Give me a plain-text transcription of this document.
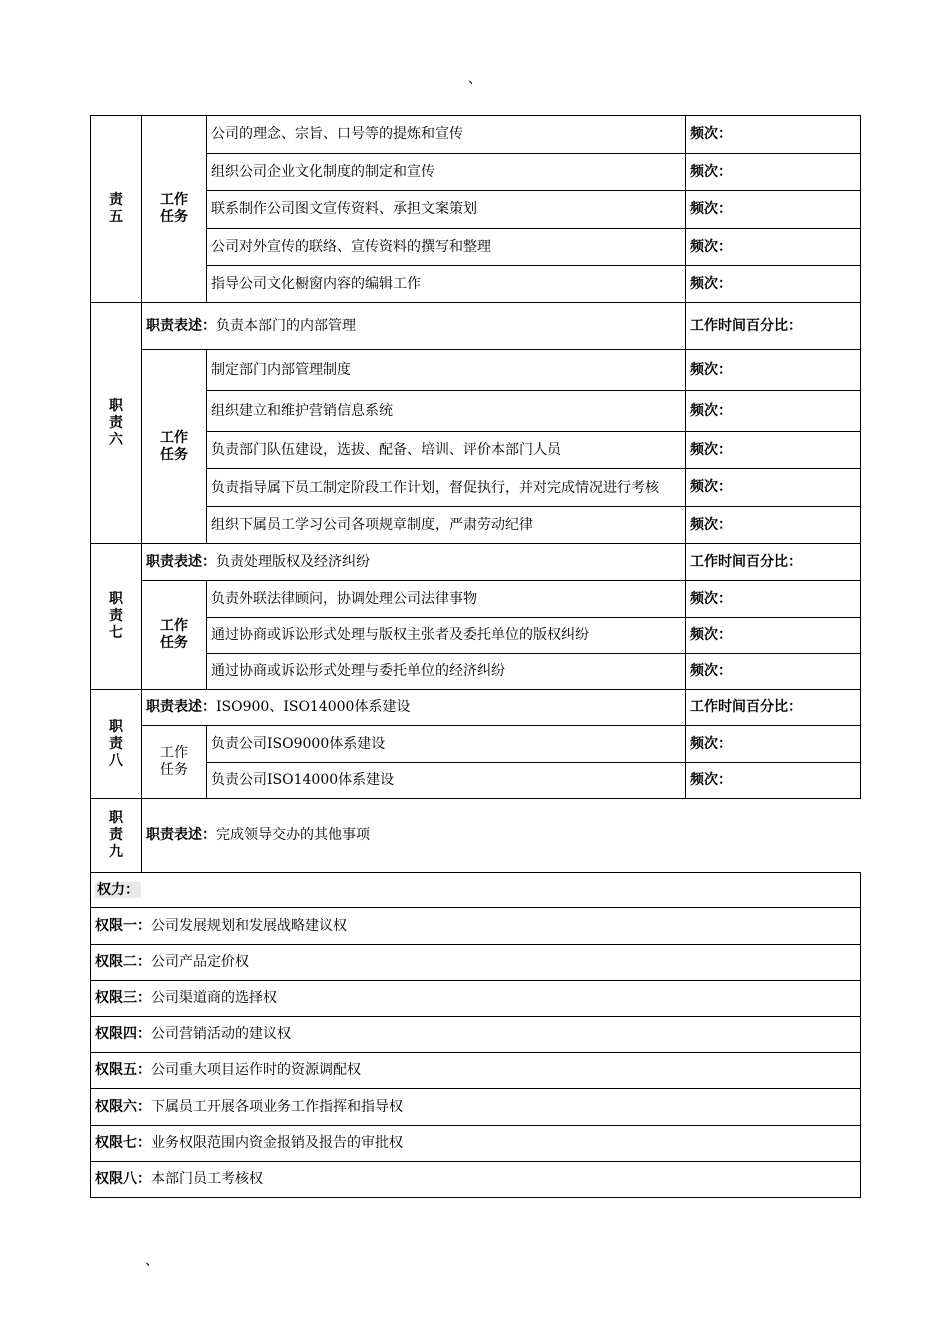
、
责五	工作任务	公司的理念、宗旨、口号等的提炼和宣传	频次：
		组织公司企业文化制度的制定和宣传	频次：
		联系制作公司图文宣传资料、承担文案策划	频次：
		公司对外宣传的联络、宣传资料的撰写和整理	频次：
		指导公司文化橱窗内容的编辑工作	频次：

职责六	职责表述：负责本部门的内部管理		工作时间百分比：

	工作任务	制定部门内部管理制度	频次：
		组织建立和维护营销信息系统	频次：
		负责部门队伍建设，选拔、配备、培训、评价本部门人员	频次：
		负责指导属下员工制定阶段工作计划，督促执行，并对完成情况进行考核	频次：
		组织下属员工学习公司各项规章制度，严肃劳动纪律	频次：

职责七	职责表述：负责处理版权及经济纠纷		工作时间百分比：

	工作任务	负责外联法律顾问，协调处理公司法律事物	频次：
		通过协商或诉讼形式处理与版权主张者及委托单位的版权纠纷	频次：
		通过协商或诉讼形式处理与委托单位的经济纠纷	频次：

职责八	职责表述：ISO900、ISO14000体系建设		工作时间百分比：

	工作任务	负责公司ISO9000体系建设	频次：
		负责公司ISO14000体系建设	频次：

职责九	职责表述：完成领导交办的其他事项		
权力：			
权限一：公司发展规划和发展战略建议权			
权限二：公司产品定价权			
权限三：公司渠道商的选择权			
权限四：公司营销活动的建议权			
权限五：公司重大项目运作时的资源调配权			
权限六：下属员工开展各项业务工作指挥和指导权			
权限七：业务权限范围内资金报销及报告的审批权			
权限八：本部门员工考核权			
、
